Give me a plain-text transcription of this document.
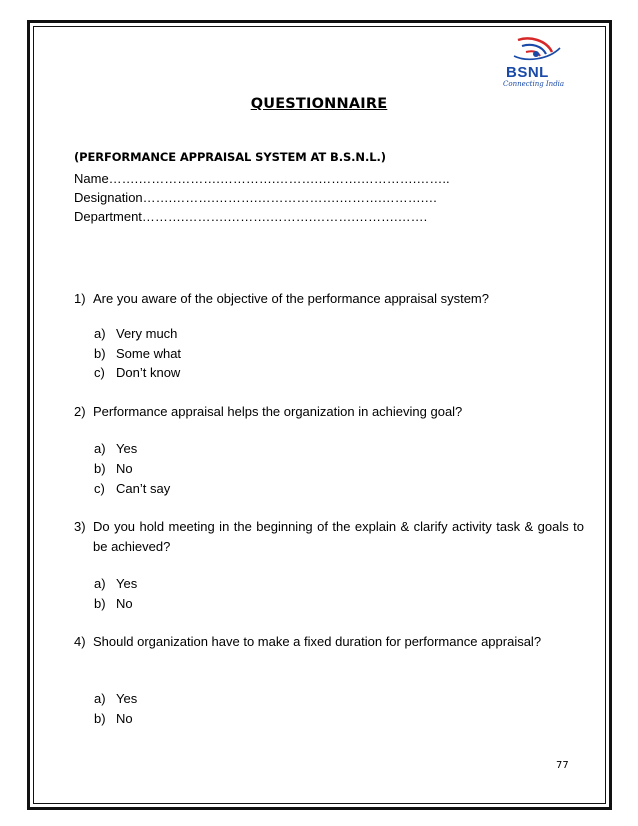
BSNL
Connecting India
QUESTIONNAIRE
(PERFORMANCE APPRAISAL SYSTEM AT B.S.N.L.)
Name…….……………….………….……….……….………….……..
Designation…….……….……….……………….……….……….…
Department……….……….……….……….……….……….…….
1) Are you aware of the objective of the performance appraisal system?
a) Very much
b) Some what
c) Don’t know
2) Performance appraisal helps the organization in achieving goal?
a) Yes
b) No
c) Can’t say
3) Do you hold meeting in the beginning of the explain & clarify activity task & goals to be achieved?
a) Yes
b) No
4) Should organization have to make a fixed duration for performance appraisal?
a) Yes
b) No
77
